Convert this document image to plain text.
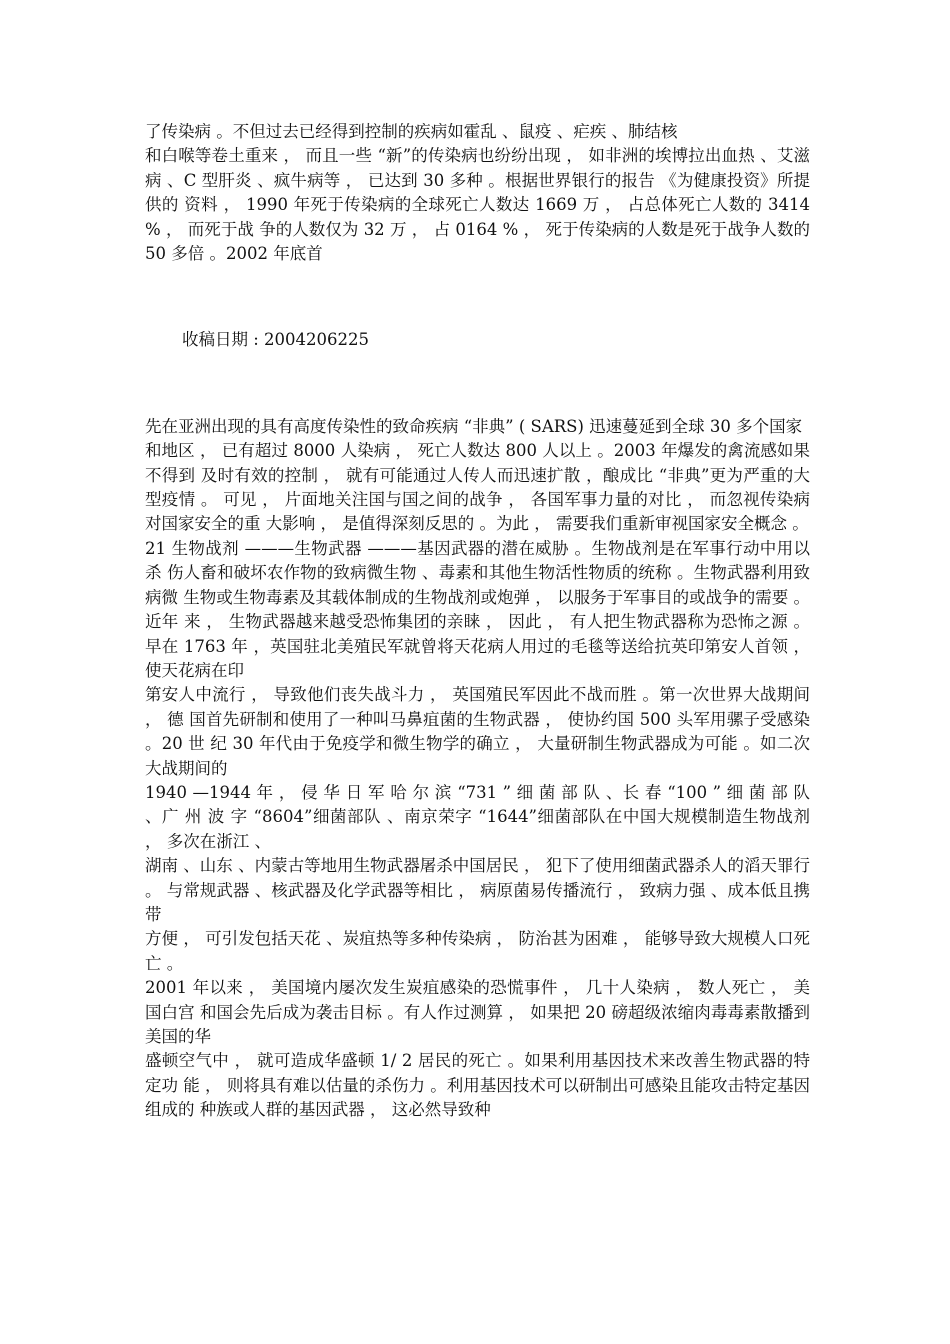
了传染病 。不但过去已经得到控制的疾病如霍乱 、鼠疫 、疟疾 、肺结核

和白喉等卷土重来 ， 而且一些 “新”的传染病也纷纷出现 ， 如非洲的埃博拉出血热 、艾滋 病 、C 型肝炎 、疯牛病等 ， 已达到 30 多种 。根据世界银行的报告 《为健康投资》所提供的 资料 ， 1990 年死于传染病的全球死亡人数达 1669 万 ， 占总体死亡人数的 3414 % ， 而死于战 争的人数仅为 32 万 ， 占 0164 % ， 死于传染病的人数是死于战争人数的 50 多倍 。2002 年底首

收稿日期 : 2004206225

先在亚洲出现的具有高度传染性的致命疾病 “非典” ( SARS) 迅速蔓延到全球 30 多个国家

和地区 ， 已有超过 8000 人染病 ， 死亡人数达 800 人以上 。2003 年爆发的禽流感如果不得到 及时有效的控制 ， 就有可能通过人传人而迅速扩散 ，酿成比 “非典”更为严重的大型疫情 。 可见 ， 片面地关注国与国之间的战争 ， 各国军事力量的对比 ， 而忽视传染病对国家安全的重 大影响 ， 是值得深刻反思的 。为此 ， 需要我们重新审视国家安全概念 。

21 生物战剂 ———生物武器 ———基因武器的潜在威胁 。生物战剂是在军事行动中用以杀 伤人畜和破坏农作物的致病微生物 、毒素和其他生物活性物质的统称 。生物武器利用致病微 生物或生物毒素及其载体制成的生物战剂或炮弹 ， 以服务于军事目的或战争的需要 。近年 来 ， 生物武器越来越受恐怖集团的亲睐 ， 因此 ， 有人把生物武器称为恐怖之源 。早在 1763 年 ，英国驻北美殖民军就曾将天花病人用过的毛毯等送给抗英印第安人首领 ， 使天花病在印

第安人中流行 ， 导致他们丧失战斗力 ， 英国殖民军因此不战而胜 。第一次世界大战期间 ， 德 国首先研制和使用了一种叫马鼻疽菌的生物武器 ， 使协约国 500 头军用骡子受感染 。20 世 纪 30 年代由于免疫学和微生物学的确立 ， 大量研制生物武器成为可能 。如二次大战期间的

1940 —1944 年 ， 侵 华 日 军 哈 尔 滨 “731 ” 细 菌 部 队 、长 春 “100 ” 细 菌 部 队 、广 州 波 字 “8604”细菌部队 、南京荣字 “1644”细菌部队在中国大规模制造生物战剂 ， 多次在浙江 、

湖南 、山东 、内蒙古等地用生物武器屠杀中国居民 ， 犯下了使用细菌武器杀人的滔天罪行 。 与常规武器 、核武器及化学武器等相比 ， 病原菌易传播流行 ， 致病力强 、成本低且携带

方便 ， 可引发包括天花 、炭疽热等多种传染病 ， 防治甚为困难 ， 能够导致大规模人口死亡 。

2001 年以来 ， 美国境内屡次发生炭疽感染的恐慌事件 ， 几十人染病 ， 数人死亡 ， 美国白宫 和国会先后成为袭击目标 。有人作过测算 ， 如果把 20 磅超级浓缩肉毒毒素散播到美国的华

盛顿空气中 ， 就可造成华盛顿 1/ 2 居民的死亡 。如果利用基因技术来改善生物武器的特定功 能 ， 则将具有难以估量的杀伤力 。利用基因技术可以研制出可感染且能攻击特定基因组成的 种族或人群的基因武器 ， 这必然导致种
